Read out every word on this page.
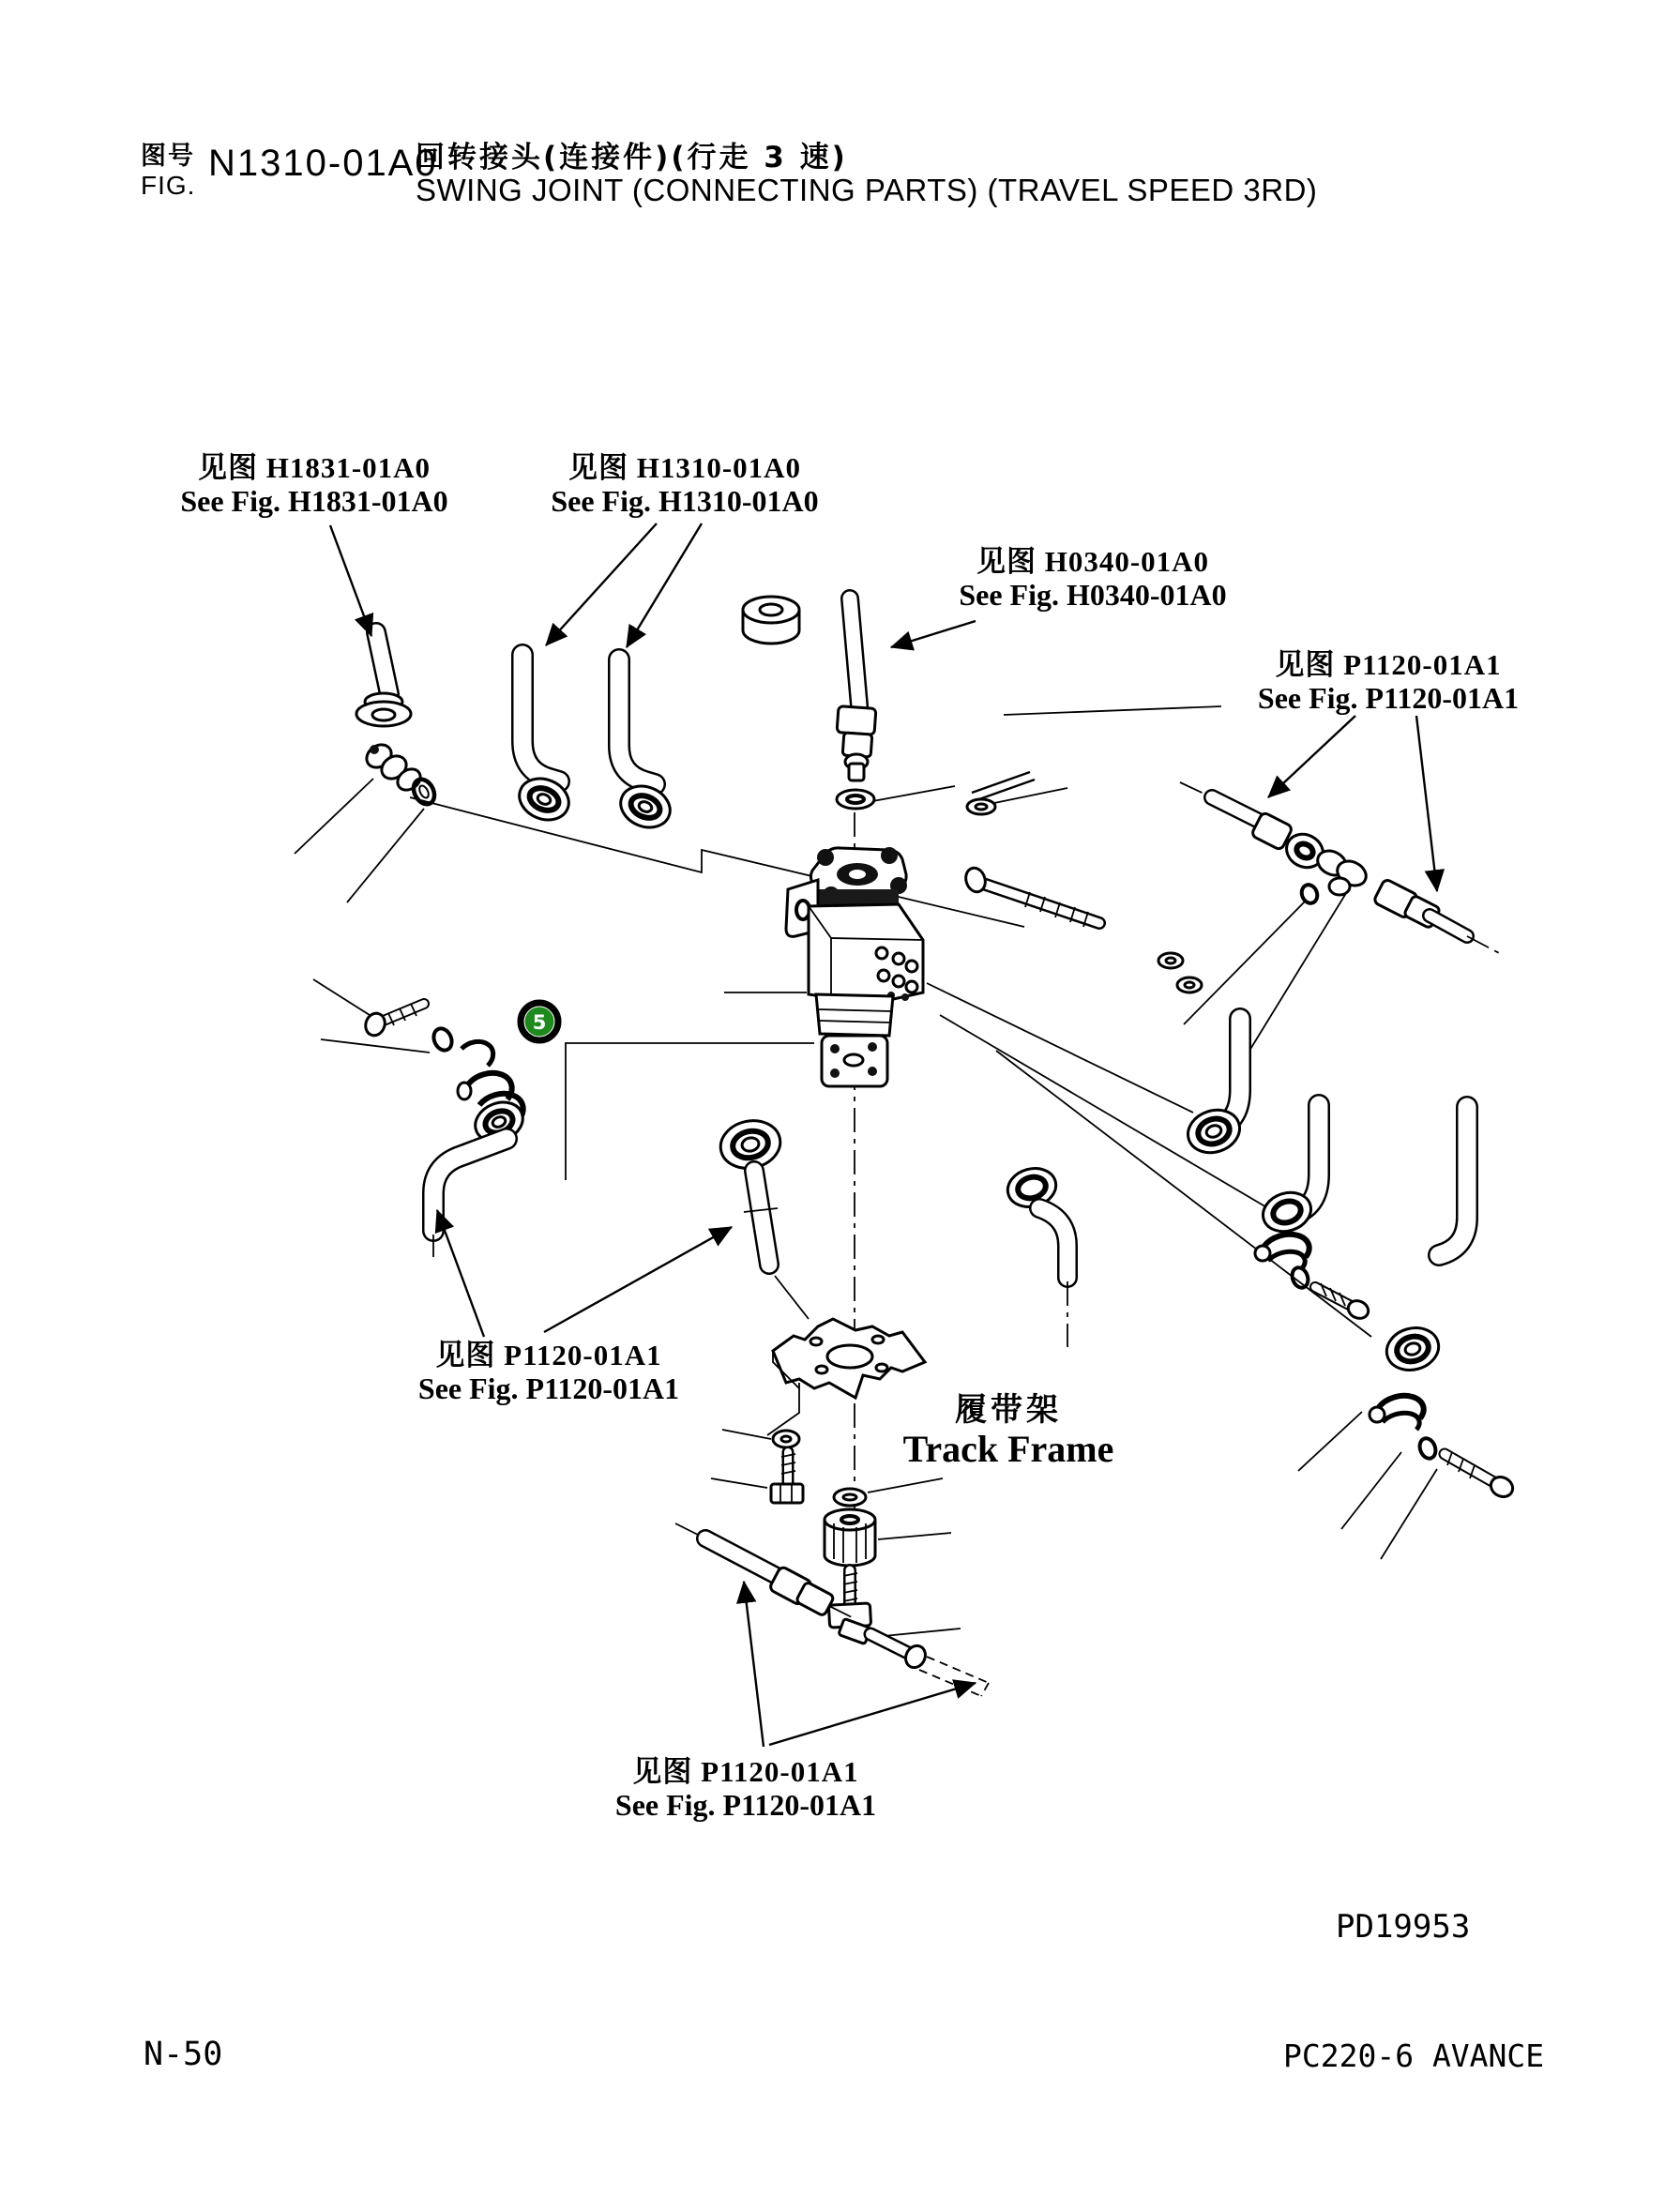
图号
FIG.
N1310-01A0
回转接头(连接件)(行走 3 速)
SWING JOINT (CONNECTING PARTS) (TRAVEL SPEED 3RD)
5
见图 H1831-01A0
See Fig. H1831-01A0
见图 H1310-01A0
See Fig. H1310-01A0
见图 H0340-01A0
See Fig. H0340-01A0
见图 P1120-01A1
See Fig. P1120-01A1
见图 P1120-01A1
See Fig. P1120-01A1
见图 P1120-01A1
See Fig. P1120-01A1
履带架
Track Frame
PD19953
N-50	PC220-6 AVANCE
